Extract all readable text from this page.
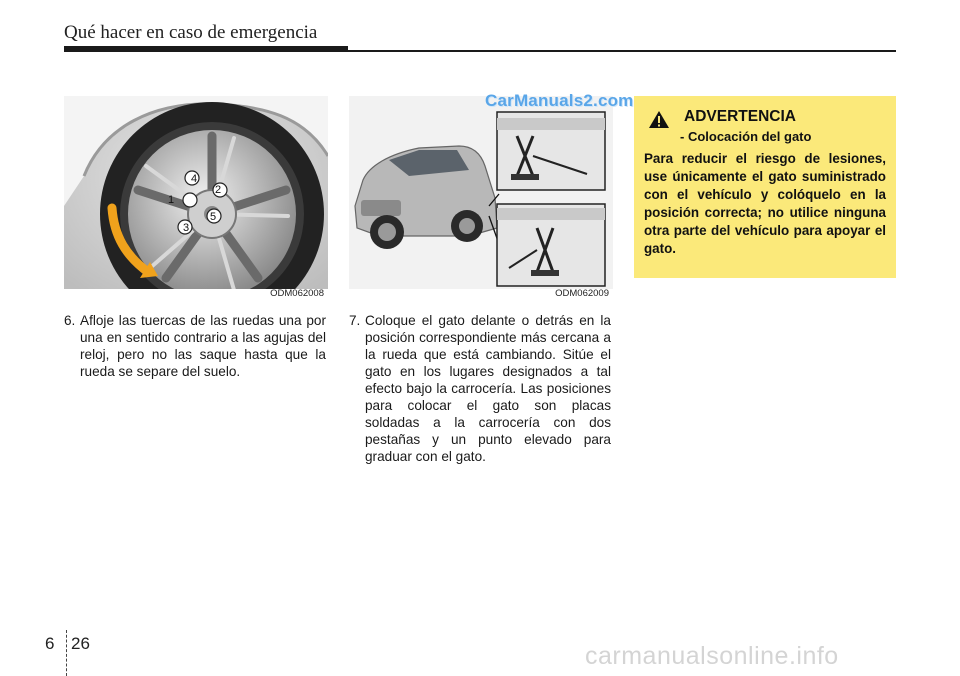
Qué hacer en caso de emergencia
1
2
3
4
5
ODM062008	ODM062009
CarManuals2.com
6. Afloje las tuercas de las ruedas una por una en sentido contrario a las agujas del reloj, pero no las saque hasta que la rueda se separe del suelo.
7. Coloque el gato delante o detrás en la posición correspondiente más cercana a la rueda que está cambiando. Sitúe el gato en los lugares designados a tal efecto bajo la carrocería. Las posiciones para colocar el gato son placas soldadas a la carrocería con dos pestañas y un punto elevado para graduar con el gato.
ADVERTENCIA
- Colocación del gato
Para reducir el riesgo de lesiones, use únicamente el gato suministrado con el vehículo y colóquelo en la posición correcta; no utilice ninguna otra parte del vehículo para apoyar el gato.
6 26	carmanualsonline.info
